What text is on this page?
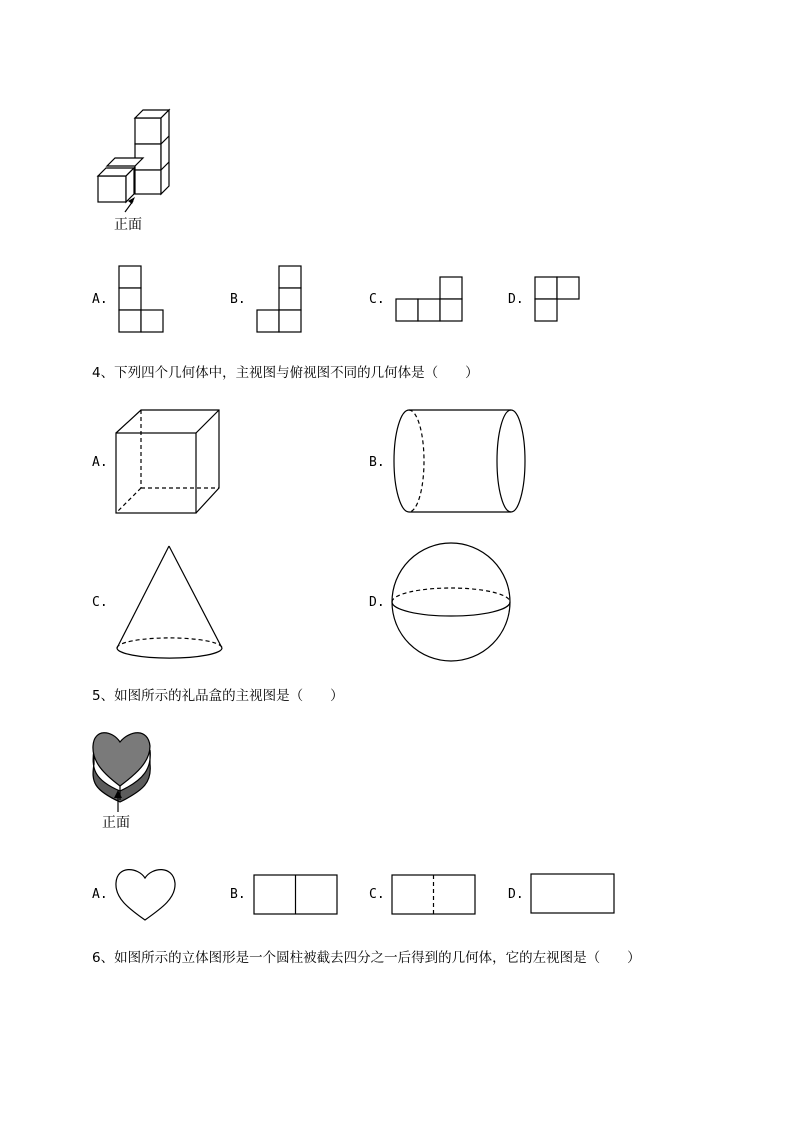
正面
A.	B.	C.	D.
4、下列四个几何体中，主视图与俯视图不同的几何体是（　　）
A.	B.
C.	D.
5、如图所示的礼品盒的主视图是（　　）
正面
A.	B.	C.	D.
6、如图所示的立体图形是一个圆柱被截去四分之一后得到的几何体，它的左视图是（　　）
